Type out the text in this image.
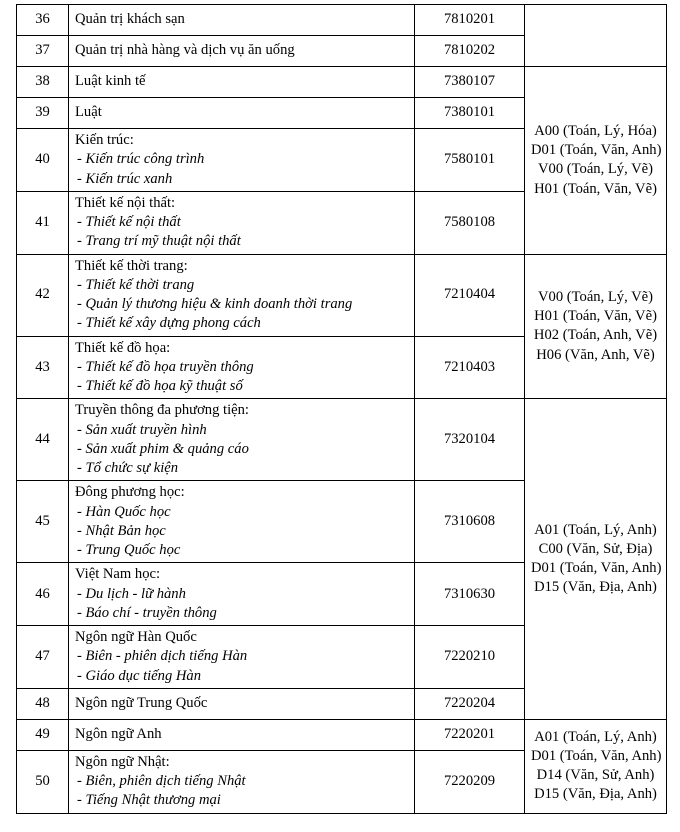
36	Quản trị khách sạn	7810201	
37	Quản trị nhà hàng và dịch vụ ăn uống	7810202	
38	Luật kinh tế	7380107	A00 (Toán, Lý, Hóa)
D01 (Toán, Văn, Anh)
V00 (Toán, Lý, Vẽ)
H01 (Toán, Văn, Vẽ)

39	Luật	7380101	
40	Kiến trúc:
- Kiến trúc công trình
- Kiến trúc xanh	7580101	
41	Thiết kế nội thất:
- Thiết kế nội thất
- Trang trí mỹ thuật nội thất	7580108	
42	Thiết kế thời trang:
- Thiết kế thời trang
- Quản lý thương hiệu & kinh doanh thời trang
- Thiết kế xây dựng phong cách	7210404	V00 (Toán, Lý, Vẽ)
H01 (Toán, Văn, Vẽ)
H02 (Toán, Anh, Vẽ)
H06 (Văn, Anh, Vẽ)

43	Thiết kế đồ họa:
- Thiết kế đồ họa truyền thông
- Thiết kế đồ họa kỹ thuật số	7210403	
44	Truyền thông đa phương tiện:
- Sản xuất truyền hình
- Sản xuất phim & quảng cáo
- Tổ chức sự kiện	7320104	A01 (Toán, Lý, Anh)
C00 (Văn, Sử, Địa)
D01 (Toán, Văn, Anh)
D15 (Văn, Địa, Anh)

45	Đông phương học:
- Hàn Quốc học
- Nhật Bản học
- Trung Quốc học	7310608	
46	Việt Nam học:
- Du lịch - lữ hành
- Báo chí - truyền thông	7310630	
47	Ngôn ngữ Hàn Quốc
- Biên - phiên dịch tiếng Hàn
- Giáo dục tiếng Hàn	7220210	
48	Ngôn ngữ Trung Quốc	7220204	
49	Ngôn ngữ Anh	7220201	A01 (Toán, Lý, Anh)
D01 (Toán, Văn, Anh)
D14 (Văn, Sử, Anh)
D15 (Văn, Địa, Anh)

50	Ngôn ngữ Nhật:
- Biên, phiên dịch tiếng Nhật
- Tiếng Nhật thương mại	7220209	
